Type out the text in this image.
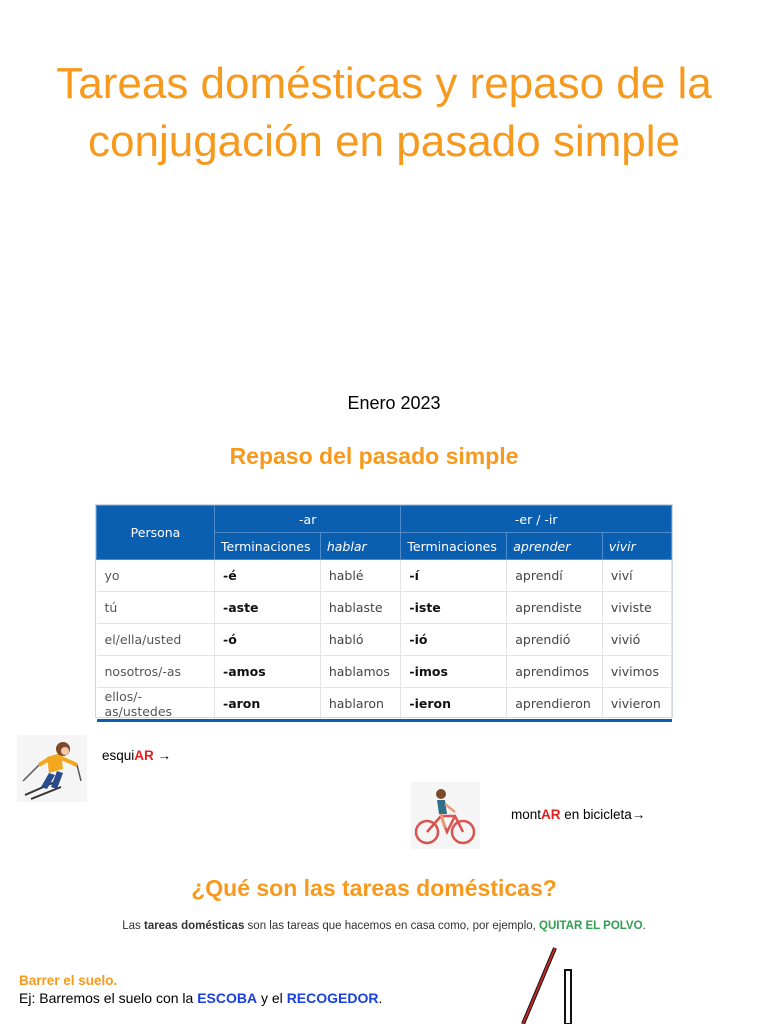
Tareas domésticas y repaso de la conjugación en pasado simple
Enero 2023
Repaso del pasado simple
Persona	-ar		-er / -ir		
	Terminaciones	hablar	Terminaciones	aprender	vivir
yo	-é	hablé	-í	aprendí	viví
tú	-aste	hablaste	-iste	aprendiste	viviste
el/ella/usted	-ó	habló	-ió	aprendió	vivió
nosotros/-as	-amos	hablamos	-imos	aprendimos	vivimos
ellos/-as/ustedes	-aron	hablaron	-ieron	aprendieron	vivieron
esquiAR →
montAR en bicicleta→
¿Qué son las tareas domésticas?
Las tareas domésticas son las tareas que hacemos en casa como, por ejemplo, QUITAR EL POLVO.
Barrer el suelo.
Ej: Barremos el suelo con la ESCOBA y el RECOGEDOR.
